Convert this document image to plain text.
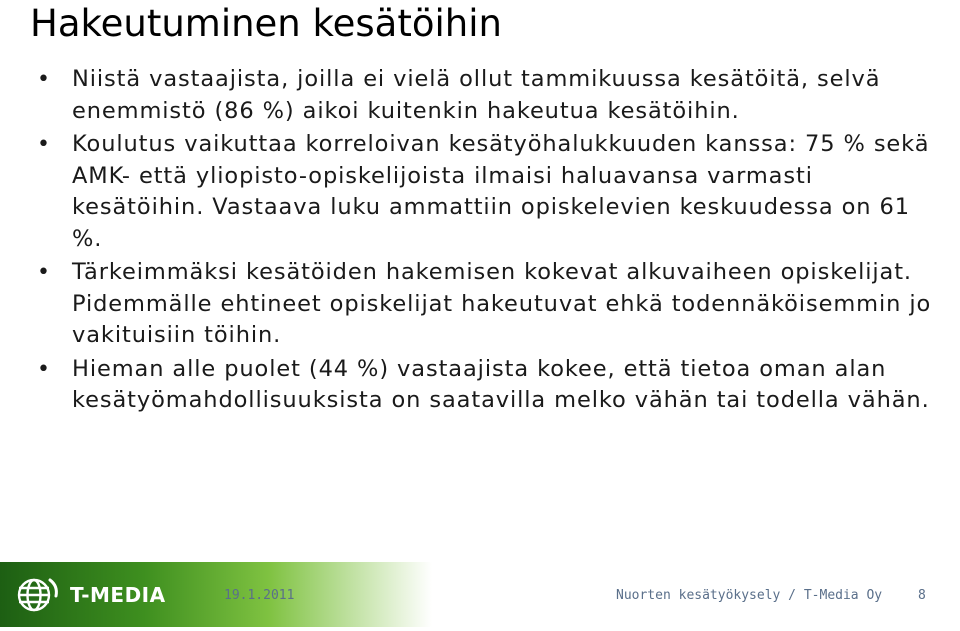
Hakeutuminen kesätöihin
• Niistä vastaajista, joilla ei vielä ollut tammikuussa kesätöitä, selvä enemmistö (86 %) aikoi kuitenkin hakeutua kesätöihin.
• Koulutus vaikuttaa korreloivan kesätyöhalukkuuden kanssa: 75 % sekä AMK- että yliopisto-opiskelijoista ilmaisi haluavansa varmasti kesätöihin. Vastaava luku ammattiin opiskelevien keskuudessa on 61 %.
• Tärkeimmäksi kesätöiden hakemisen kokevat alkuvaiheen opiskelijat. Pidemmälle ehtineet opiskelijat hakeutuvat ehkä todennäköisemmin jo vakituisiin töihin.
• Hieman alle puolet (44 %) vastaajista kokee, että tietoa oman alan kesätyömahdollisuuksista on saatavilla melko vähän tai todella vähän.
T-MEDIA	19.1.2011	Nuorten kesätyökysely / T-Media Oy	8
